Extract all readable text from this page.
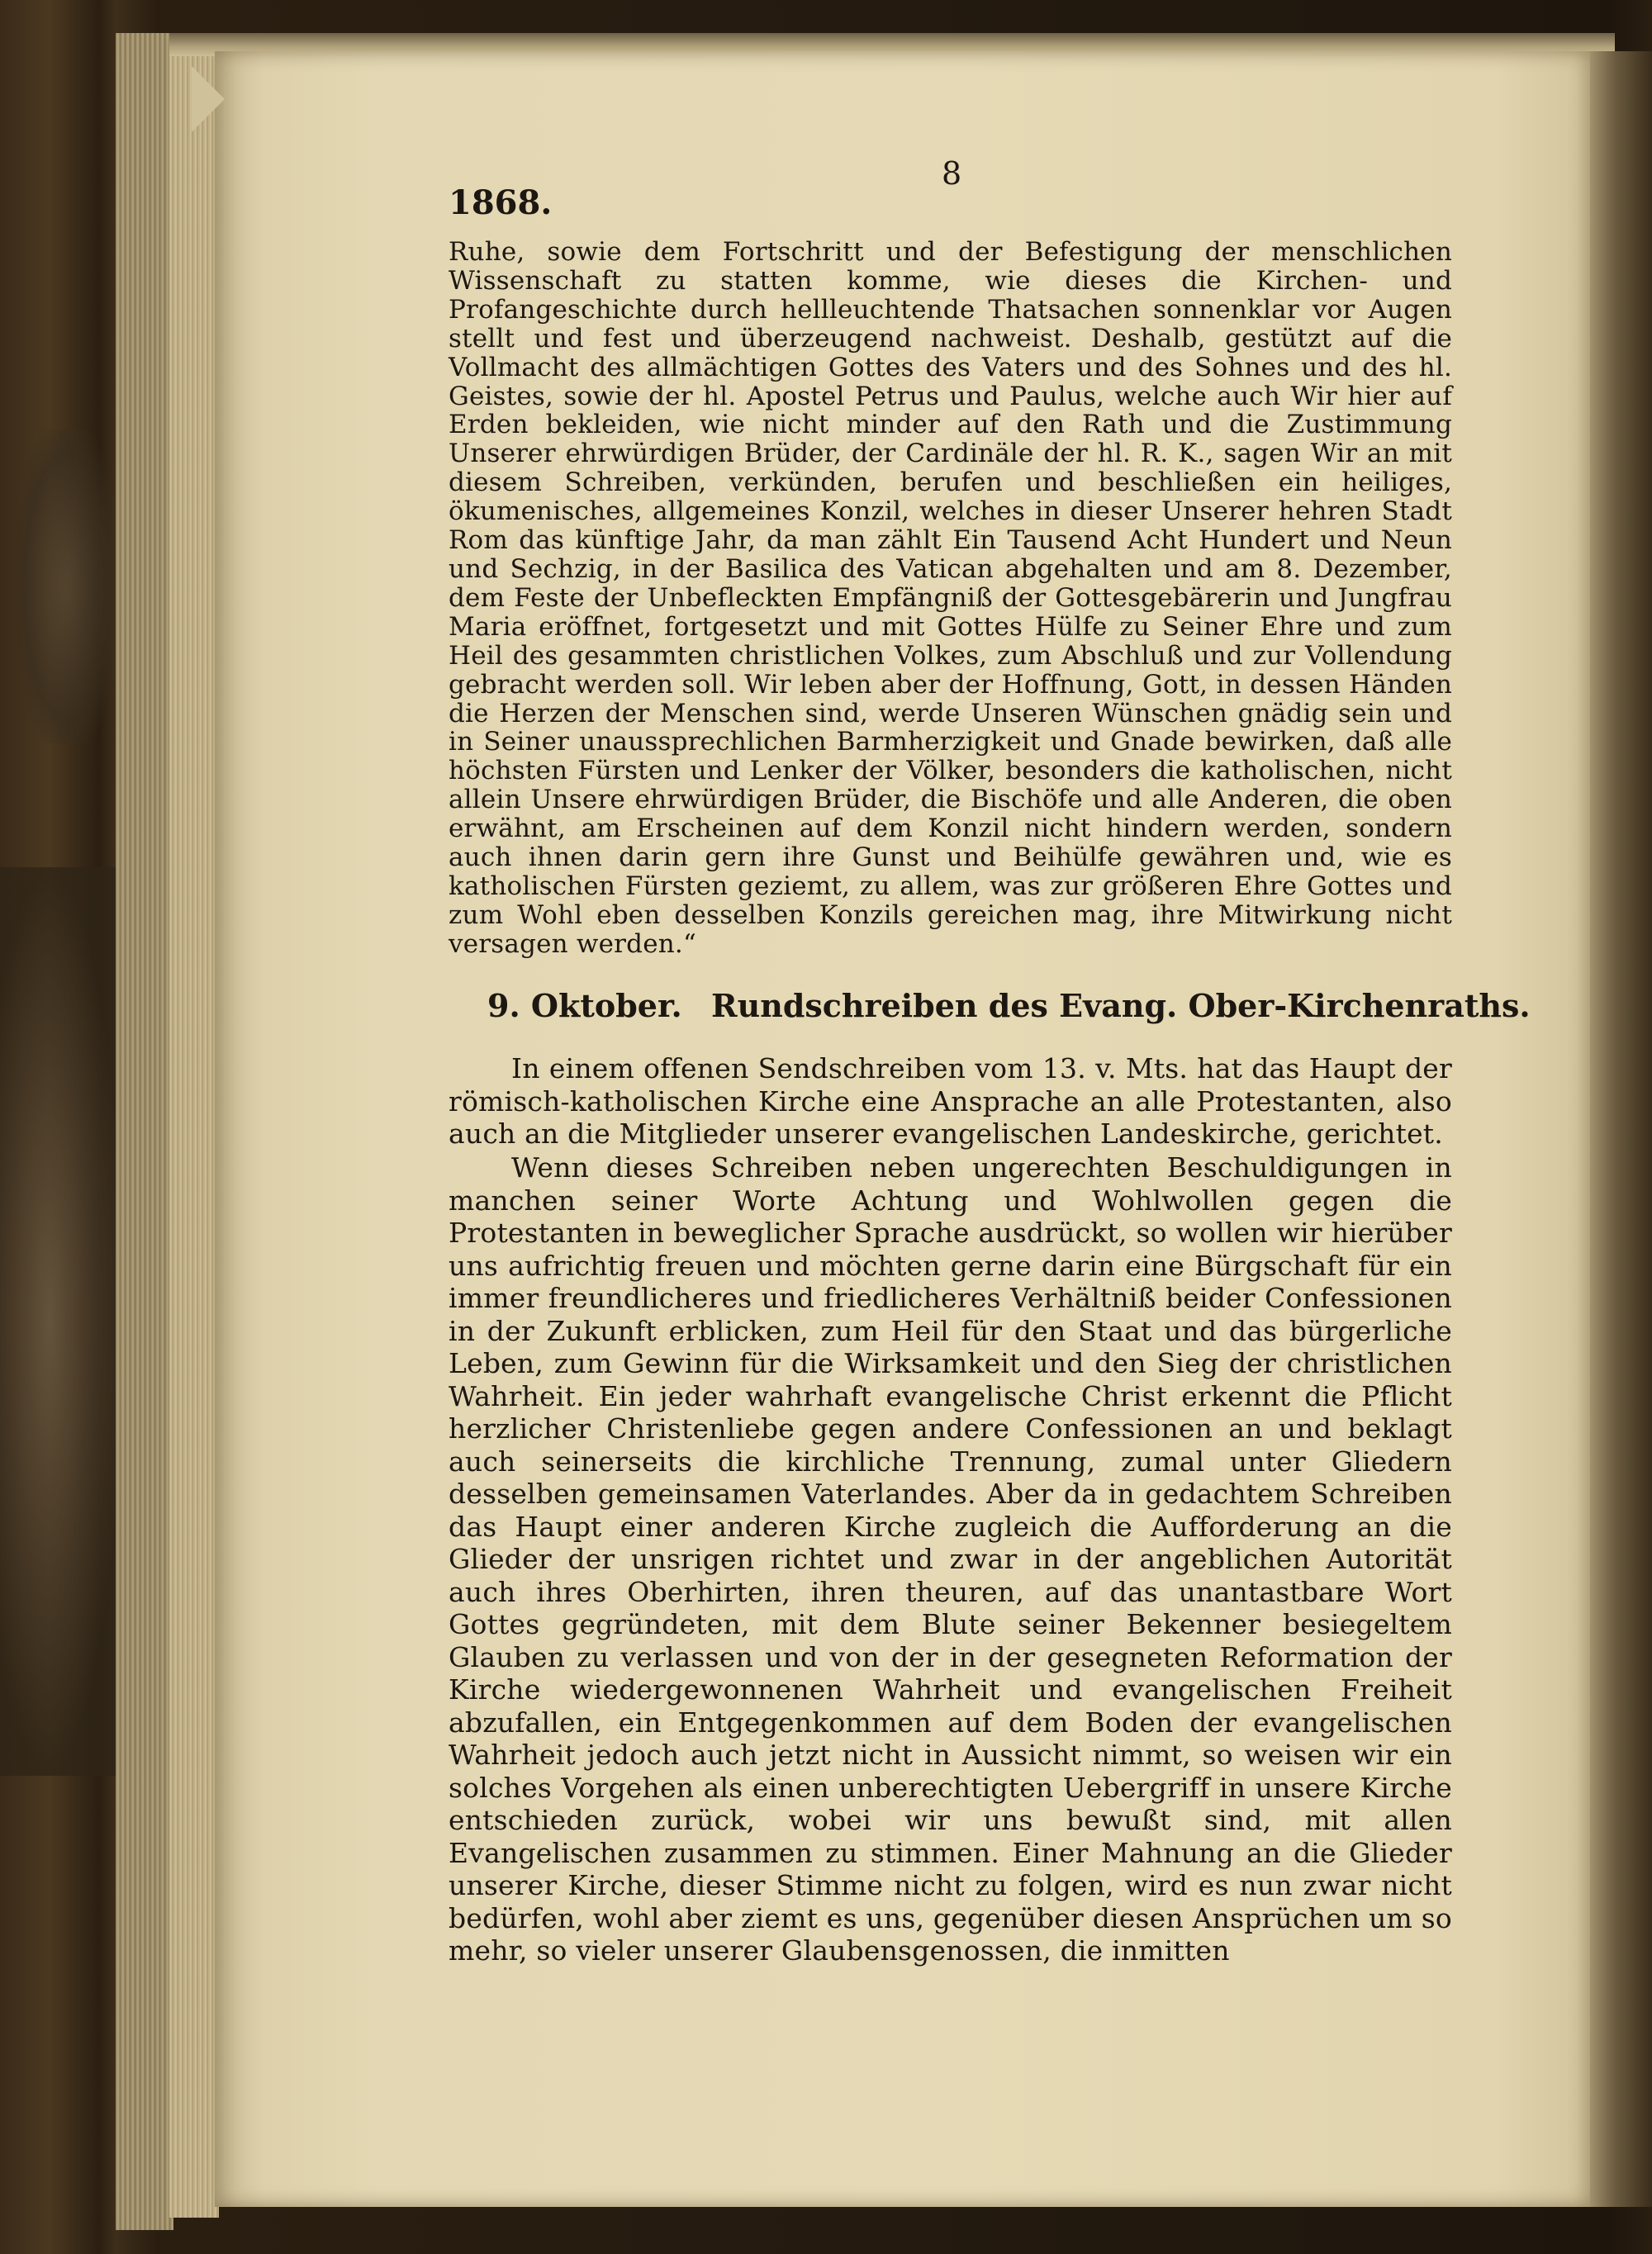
8

1868.

Ruhe, sowie dem Fortschritt und der Befestigung der menschlichen Wissenschaft zu statten komme, wie dieses die Kirchen- und Profangeschichte durch hellleuchtende Thatsachen sonnenklar vor Augen stellt und fest und überzeugend nachweist. Deshalb, gestützt auf die Vollmacht des allmächtigen Gottes des Vaters und des Sohnes und des hl. Geistes, sowie der hl. Apostel Petrus und Paulus, welche auch Wir hier auf Erden bekleiden, wie nicht minder auf den Rath und die Zustimmung Unserer ehrwürdigen Brüder, der Cardinäle der hl. R. K., sagen Wir an mit diesem Schreiben, verkünden, berufen und beschließen ein heiliges, ökumenisches, allgemeines Konzil, welches in dieser Unserer hehren Stadt Rom das künftige Jahr, da man zählt Ein Tausend Acht Hundert und Neun und Sechzig, in der Basilica des Vatican abgehalten und am 8. Dezember, dem Feste der Unbefleckten Empfängniß der Gottesgebärerin und Jungfrau Maria eröffnet, fortgesetzt und mit Gottes Hülfe zu Seiner Ehre und zum Heil des gesammten christlichen Volkes, zum Abschluß und zur Vollendung gebracht werden soll. Wir leben aber der Hoffnung, Gott, in dessen Händen die Herzen der Menschen sind, werde Unseren Wünschen gnädig sein und in Seiner unaussprechlichen Barmherzigkeit und Gnade bewirken, daß alle höchsten Fürsten und Lenker der Völker, besonders die katholischen, nicht allein Unsere ehrwürdigen Brüder, die Bischöfe und alle Anderen, die oben erwähnt, am Erscheinen auf dem Konzil nicht hindern werden, sondern auch ihnen darin gern ihre Gunst und Beihülfe gewähren und, wie es katholischen Fürsten geziemt, zu allem, was zur größeren Ehre Gottes und zum Wohl eben desselben Konzils gereichen mag, ihre Mitwirkung nicht versagen werden.“

9. Oktober. Rundschreiben des Evang. Ober-Kirchenraths.

In einem offenen Sendschreiben vom 13. v. Mts. hat das Haupt der römisch-katholischen Kirche eine Ansprache an alle Protestanten, also auch an die Mitglieder unserer evangelischen Landeskirche, gerichtet.

Wenn dieses Schreiben neben ungerechten Beschuldigungen in manchen seiner Worte Achtung und Wohlwollen gegen die Protestanten in beweglicher Sprache ausdrückt, so wollen wir hierüber uns aufrichtig freuen und möchten gerne darin eine Bürgschaft für ein immer freundlicheres und friedlicheres Verhältniß beider Confessionen in der Zukunft erblicken, zum Heil für den Staat und das bürgerliche Leben, zum Gewinn für die Wirksamkeit und den Sieg der christlichen Wahrheit. Ein jeder wahrhaft evangelische Christ erkennt die Pflicht herzlicher Christenliebe gegen andere Confessionen an und beklagt auch seinerseits die kirchliche Trennung, zumal unter Gliedern desselben gemeinsamen Vaterlandes. Aber da in gedachtem Schreiben das Haupt einer anderen Kirche zugleich die Aufforderung an die Glieder der unsrigen richtet und zwar in der angeblichen Autorität auch ihres Oberhirten, ihren theuren, auf das unantastbare Wort Gottes gegründeten, mit dem Blute seiner Bekenner besiegeltem Glauben zu verlassen und von der in der gesegneten Reformation der Kirche wiedergewonnenen Wahrheit und evangelischen Freiheit abzufallen, ein Entgegenkommen auf dem Boden der evangelischen Wahrheit jedoch auch jetzt nicht in Aussicht nimmt, so weisen wir ein solches Vorgehen als einen unberechtigten Uebergriff in unsere Kirche entschieden zurück, wobei wir uns bewußt sind, mit allen Evangelischen zusammen zu stimmen. Einer Mahnung an die Glieder unserer Kirche, dieser Stimme nicht zu folgen, wird es nun zwar nicht bedürfen, wohl aber ziemt es uns, gegenüber diesen Ansprüchen um so mehr, so vieler unserer Glaubensgenossen, die inmitten
